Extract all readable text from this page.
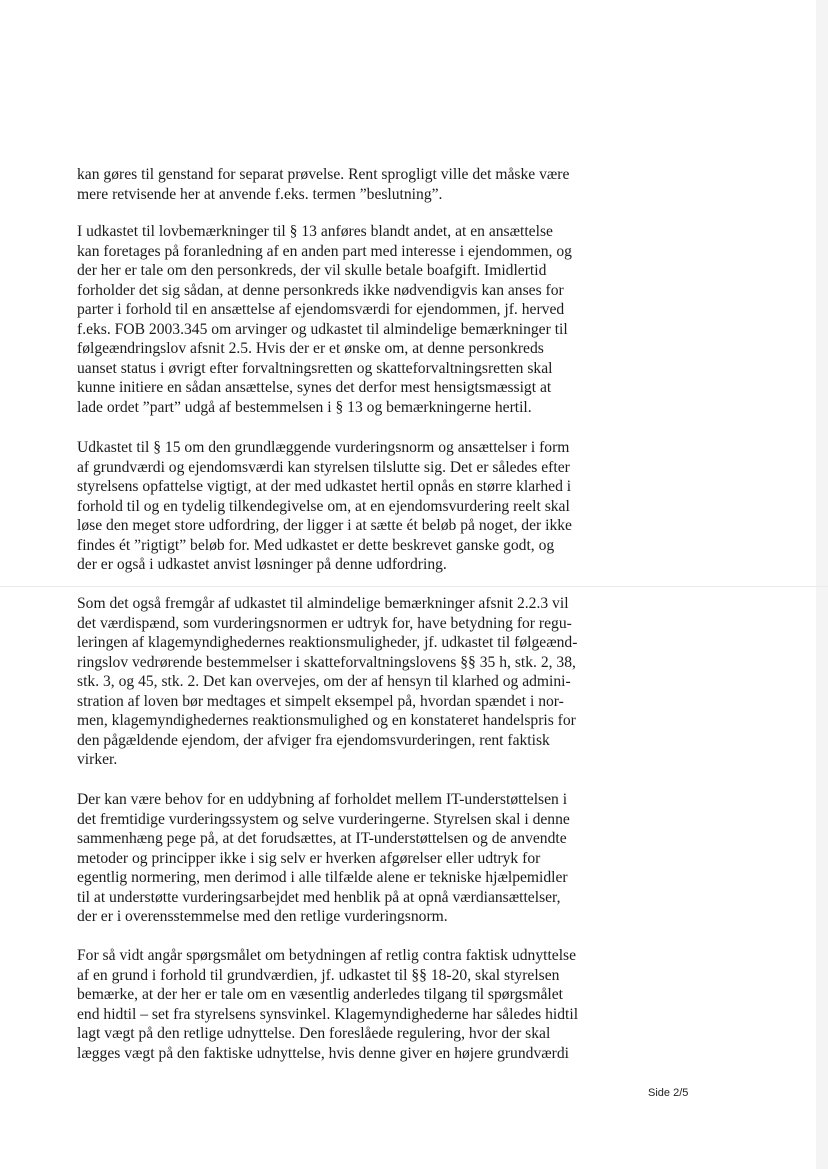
kan gøres til genstand for separat prøvelse. Rent sprogligt ville det måske være
mere retvisende her at anvende f.eks. termen ”beslutning”.

I udkastet til lovbemærkninger til § 13 anføres blandt andet, at en ansættelse
kan foretages på foranledning af en anden part med interesse i ejendommen, og
der her er tale om den personkreds, der vil skulle betale boafgift. Imidlertid
forholder det sig sådan, at denne personkreds ikke nødvendigvis kan anses for
parter i forhold til en ansættelse af ejendomsværdi for ejendommen, jf. herved
f.eks. FOB 2003.345 om arvinger og udkastet til almindelige bemærkninger til
følgeændringslov afsnit 2.5. Hvis der er et ønske om, at denne personkreds
uanset status i øvrigt efter forvaltningsretten og skatteforvaltningsretten skal
kunne initiere en sådan ansættelse, synes det derfor mest hensigtsmæssigt at
lade ordet ”part” udgå af bestemmelsen i § 13 og bemærkningerne hertil.

Udkastet til § 15 om den grundlæggende vurderingsnorm og ansættelser i form
af grundværdi og ejendomsværdi kan styrelsen tilslutte sig. Det er således efter
styrelsens opfattelse vigtigt, at der med udkastet hertil opnås en større klarhed i
forhold til og en tydelig tilkendegivelse om, at en ejendomsvurdering reelt skal
løse den meget store udfordring, der ligger i at sætte ét beløb på noget, der ikke
findes ét ”rigtigt” beløb for. Med udkastet er dette beskrevet ganske godt, og
der er også i udkastet anvist løsninger på denne udfordring.

Som det også fremgår af udkastet til almindelige bemærkninger afsnit 2.2.3 vil
det værdispænd, som vurderingsnormen er udtryk for, have betydning for regu-
leringen af klagemyndighedernes reaktionsmuligheder, jf. udkastet til følgeænd-
ringslov vedrørende bestemmelser i skatteforvaltningslovens §§ 35 h, stk. 2, 38,
stk. 3, og 45, stk. 2. Det kan overvejes, om der af hensyn til klarhed og admini-
stration af loven bør medtages et simpelt eksempel på, hvordan spændet i nor-
men, klagemyndighedernes reaktionsmulighed og en konstateret handelspris for
den pågældende ejendom, der afviger fra ejendomsvurderingen, rent faktisk
virker.

Der kan være behov for en uddybning af forholdet mellem IT-understøttelsen i
det fremtidige vurderingssystem og selve vurderingerne. Styrelsen skal i denne
sammenhæng pege på, at det forudsættes, at IT-understøttelsen og de anvendte
metoder og principper ikke i sig selv er hverken afgørelser eller udtryk for
egentlig normering, men derimod i alle tilfælde alene er tekniske hjælpemidler
til at understøtte vurderingsarbejdet med henblik på at opnå værdiansættelser,
der er i overensstemmelse med den retlige vurderingsnorm.

For så vidt angår spørgsmålet om betydningen af retlig contra faktisk udnyttelse
af en grund i forhold til grundværdien, jf. udkastet til §§ 18-20, skal styrelsen
bemærke, at der her er tale om en væsentlig anderledes tilgang til spørgsmålet
end hidtil – set fra styrelsens synsvinkel. Klagemyndighederne har således hidtil
lagt vægt på den retlige udnyttelse. Den foreslåede regulering, hvor der skal
lægges vægt på den faktiske udnyttelse, hvis denne giver en højere grundværdi

Side 2/5
